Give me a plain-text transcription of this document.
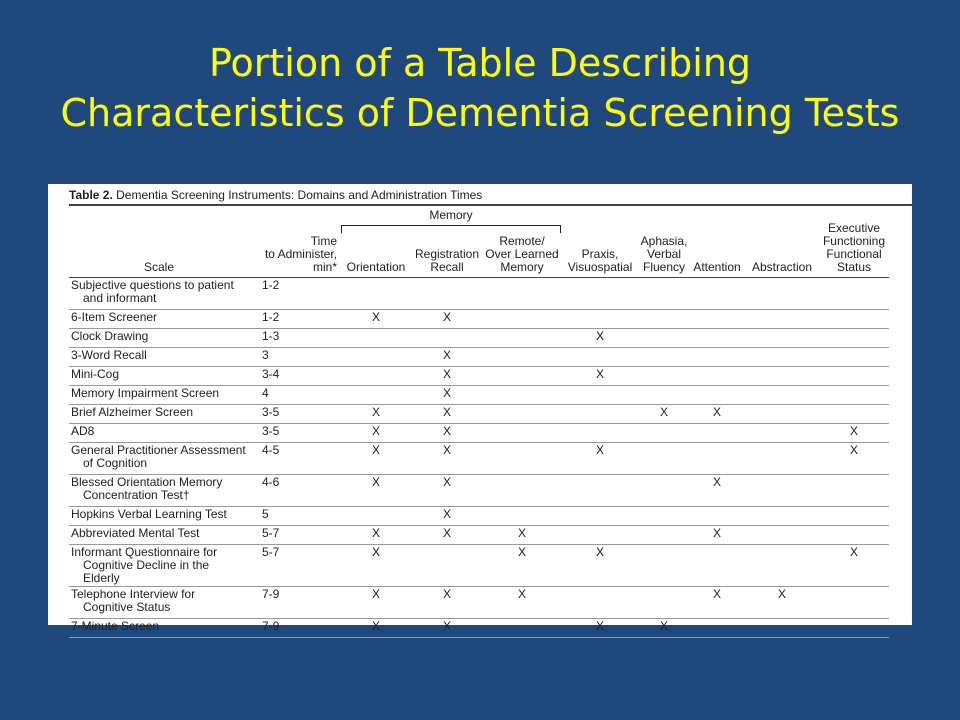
Portion of a Table Describing
Characteristics of Dementia Screening Tests
Table 2. Dementia Screening Instruments: Domains and Administration Times
Memory
Scale	Time
to Administer,
min*	Orientation	Registration
Recall	Remote/
Over Learned
Memory	Praxis,
Visuospatial	Aphasia,
Verbal
Fluency	Attention	Abstraction	Executive
Functioning
Functional
Status

Subjective questions to patient
and informant	1-2								

6-Item Screener	1-2	X	X						

Clock Drawing	1-3				X				

3-Word Recall	3		X						

Mini-Cog	3-4		X		X				

Memory Impairment Screen	4		X						

Brief Alzheimer Screen	3-5	X	X			X	X		

AD8	3-5	X	X						X

General Practitioner Assessment
of Cognition	4-5	X	X		X				X

Blessed Orientation Memory
Concentration Test†	4-6	X	X				X		

Hopkins Verbal Learning Test	5		X						

Abbreviated Mental Test	5-7	X	X	X			X		

Informant Questionnaire for
Cognitive Decline in the Elderly	5-7	X		X	X				X

Telephone Interview for
Cognitive Status	7-9	X	X	X			X	X	

7-Minute Screen	7-9	X	X		X	X			
